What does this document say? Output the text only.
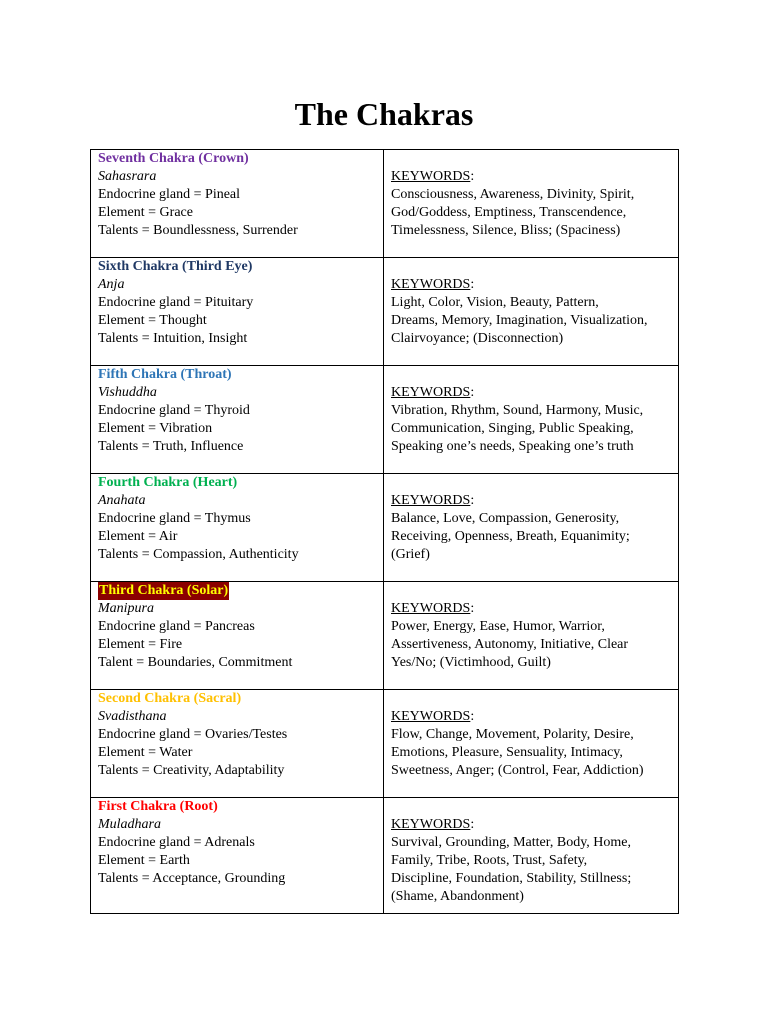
The Chakras
Seventh Chakra (Crown)
Sahasrara
Endocrine gland = Pineal
Element = Grace
Talents = Boundlessness, Surrender	KEYWORDS:
Consciousness, Awareness, Divinity, Spirit,
God/Goddess, Emptiness, Transcendence,
Timelessness, Silence, Bliss; (Spaciness)

Sixth Chakra (Third Eye)
Anja
Endocrine gland = Pituitary
Element = Thought
Talents = Intuition, Insight	KEYWORDS:
Light, Color, Vision, Beauty, Pattern,
Dreams, Memory, Imagination, Visualization,
Clairvoyance; (Disconnection)

Fifth Chakra (Throat)
Vishuddha
Endocrine gland = Thyroid
Element = Vibration
Talents = Truth, Influence	KEYWORDS:
Vibration, Rhythm, Sound, Harmony, Music,
Communication, Singing, Public Speaking,
Speaking one’s needs, Speaking one’s truth

Fourth Chakra (Heart)
Anahata
Endocrine gland = Thymus
Element = Air
Talents = Compassion, Authenticity	KEYWORDS:
Balance, Love, Compassion, Generosity,
Receiving, Openness, Breath, Equanimity;
(Grief)

Third Chakra (Solar)
Manipura
Endocrine gland = Pancreas
Element = Fire
Talent = Boundaries, Commitment	KEYWORDS:
Power, Energy, Ease, Humor, Warrior,
Assertiveness, Autonomy, Initiative, Clear
Yes/No; (Victimhood, Guilt)

Second Chakra (Sacral)
Svadisthana
Endocrine gland = Ovaries/Testes
Element = Water
Talents = Creativity, Adaptability	KEYWORDS:
Flow, Change, Movement, Polarity, Desire,
Emotions, Pleasure, Sensuality, Intimacy,
Sweetness, Anger; (Control, Fear, Addiction)

First Chakra (Root)
Muladhara
Endocrine gland = Adrenals
Element = Earth
Talents = Acceptance, Grounding	KEYWORDS:
Survival, Grounding, Matter, Body, Home,
Family, Tribe, Roots, Trust, Safety,
Discipline, Foundation, Stability, Stillness;
(Shame, Abandonment)
